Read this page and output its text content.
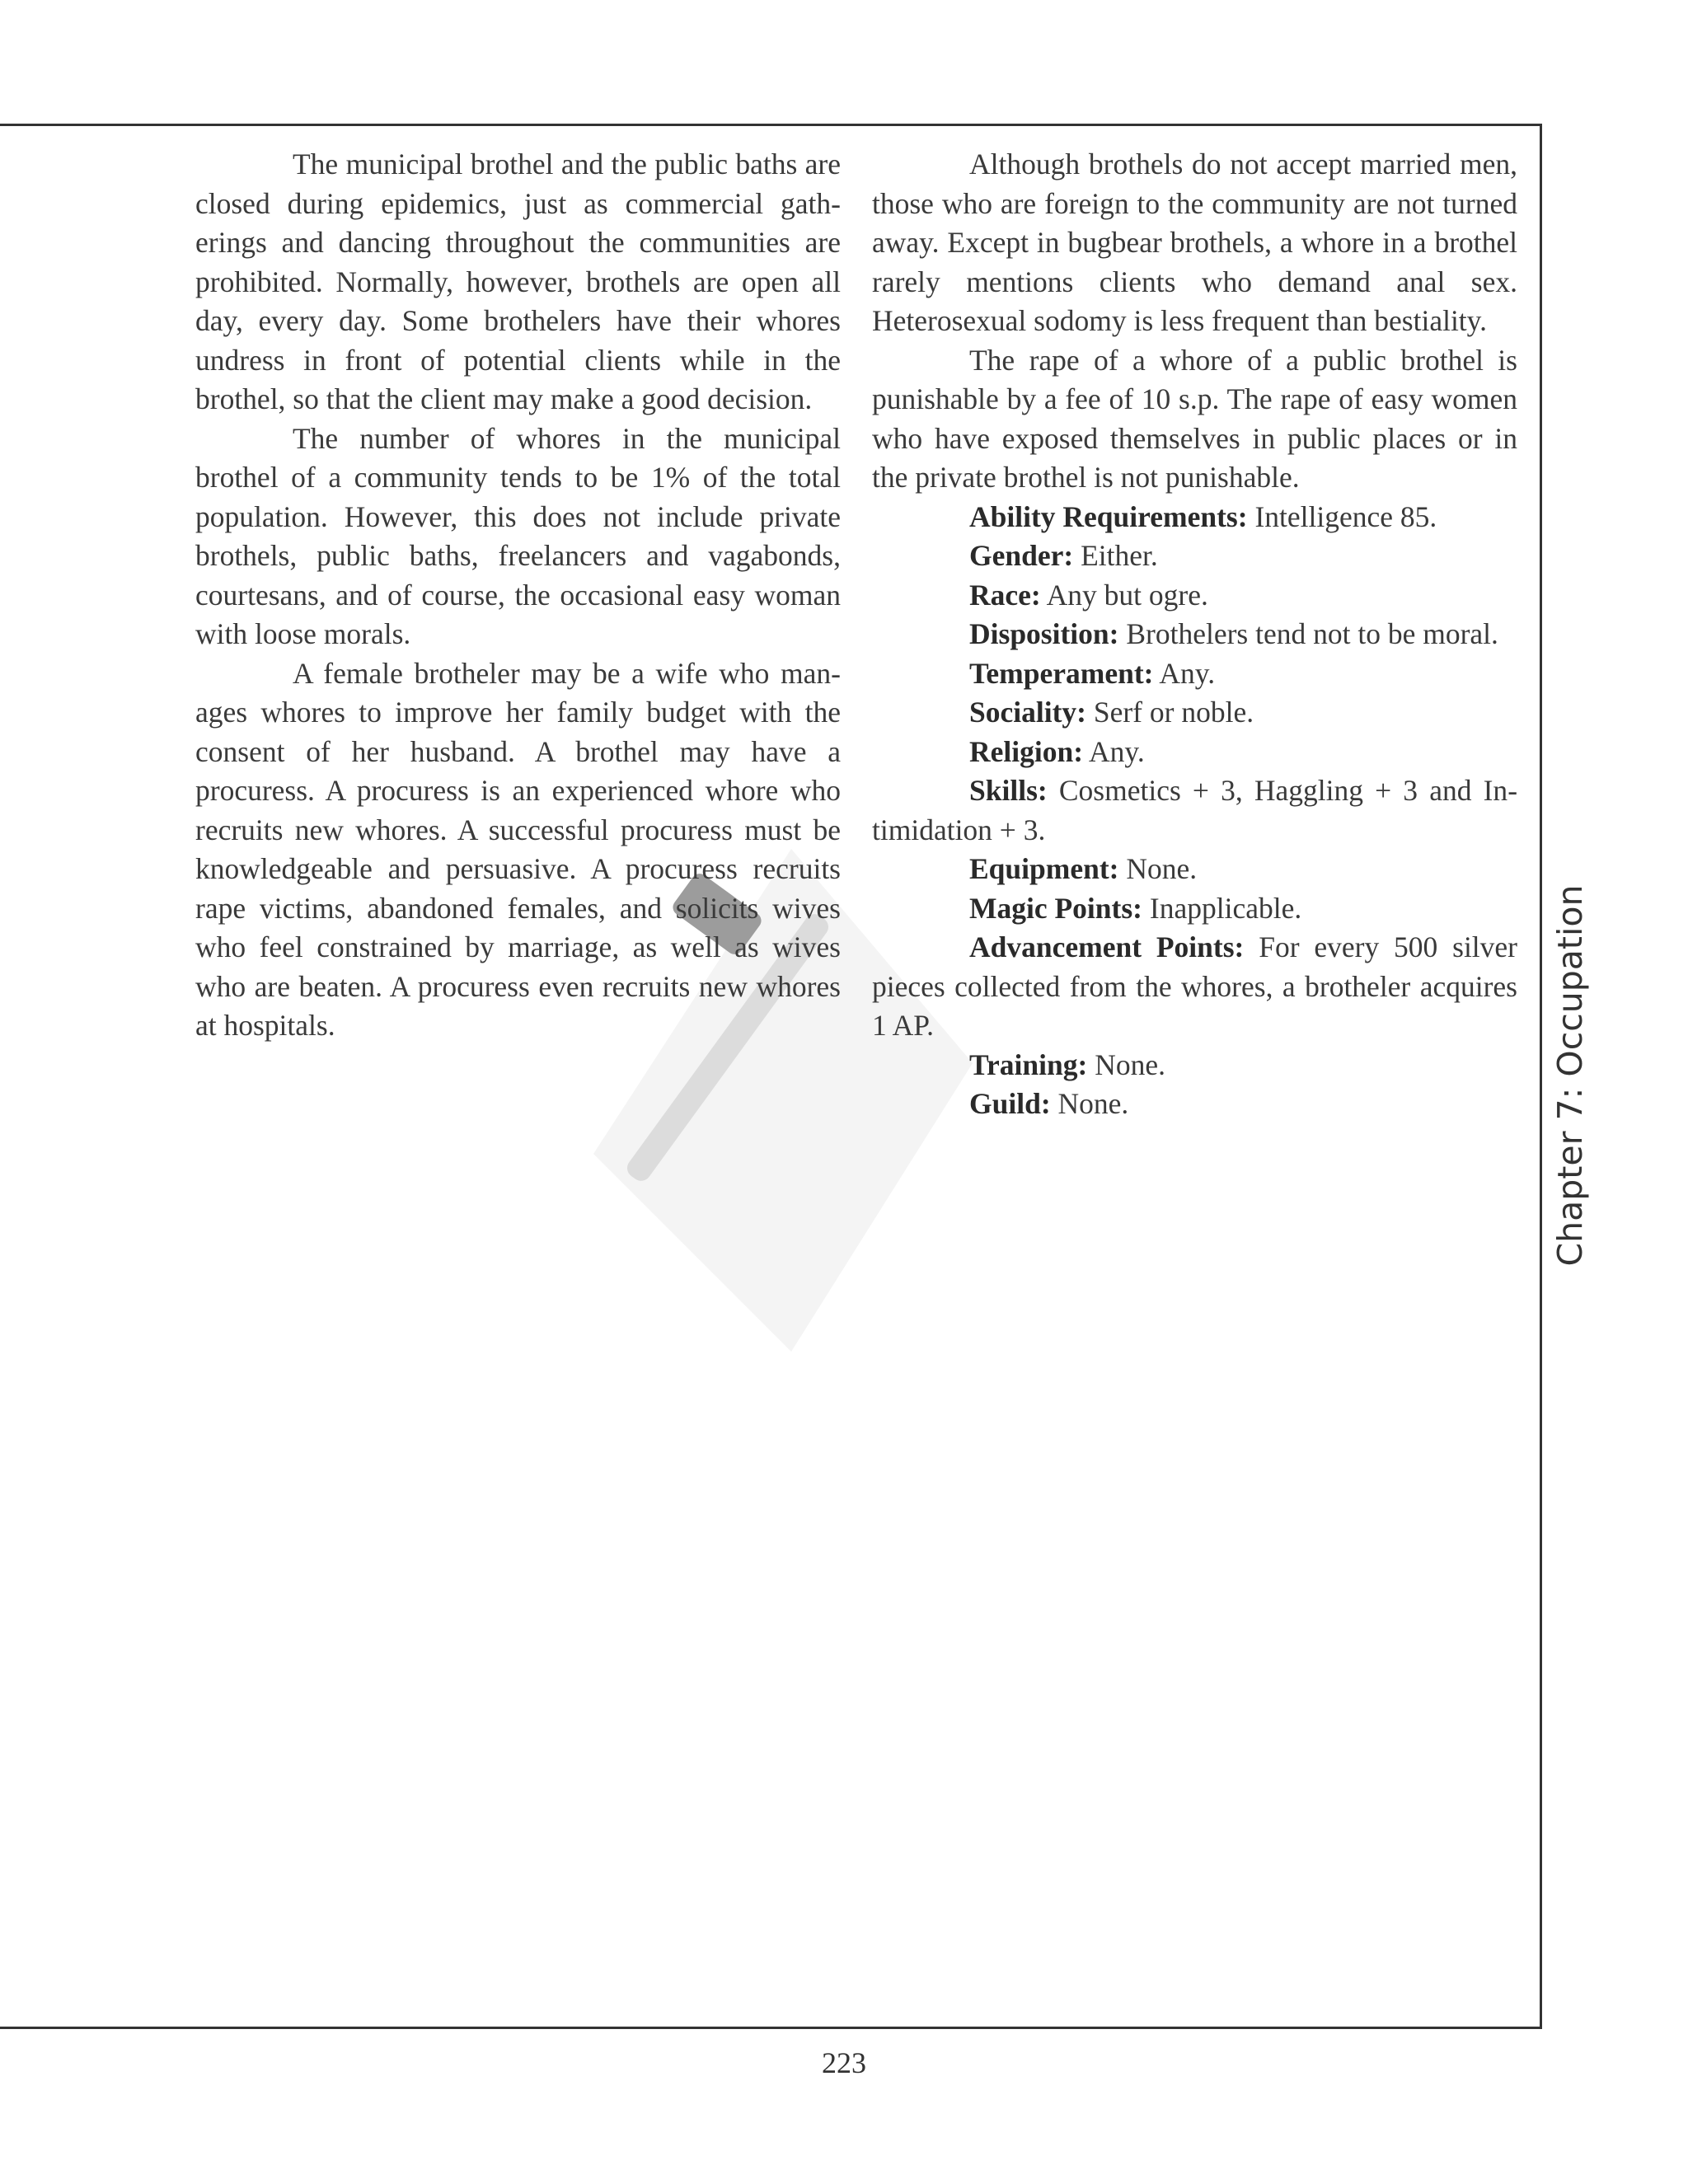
The municipal brothel and the public baths are closed during epidemics, just as commercial gatherings and dancing throughout the communities are prohibited. Normally, however, brothels are open all day, every day. Some brothelers have their whores undress in front of potential clients while in the brothel, so that the client may make a good decision.

The number of whores in the municipal brothel of a community tends to be 1% of the total population. However, this does not include private brothels, public baths, freelancers and vagabonds, courtesans, and of course, the occasional easy woman with loose morals.

A female brotheler may be a wife who manages whores to improve her family budget with the consent of her husband. A brothel may have a procuress. A procuress is an experienced whore who recruits new whores. A successful procuress must be knowledgeable and persuasive. A procuress recruits rape victims, abandoned females, and solicits wives who feel constrained by marriage, as well as wives who are beaten. A procuress even recruits new whores at hospitals.

Although brothels do not accept married men, those who are foreign to the community are not turned away. Except in bugbear brothels, a whore in a brothel rarely mentions clients who demand anal sex. Heterosexual sodomy is less frequent than bestiality.

The rape of a whore of a public brothel is punishable by a fee of 10 s.p. The rape of easy women who have exposed themselves in public places or in the private brothel is not punishable.

Ability Requirements: Intelligence 85.

Gender: Either.

Race: Any but ogre.

Disposition: Brothelers tend not to be moral.

Temperament: Any.

Sociality: Serf or noble.

Religion: Any.

Skills: Cosmetics + 3, Haggling + 3 and Intimidation + 3.

Equipment: None.

Magic Points: Inapplicable.

Advancement Points: For every 500 silver pieces collected from the whores, a brotheler acquires 1 AP.

Training: None.

Guild: None.	Chapter 7: Occupation
223
